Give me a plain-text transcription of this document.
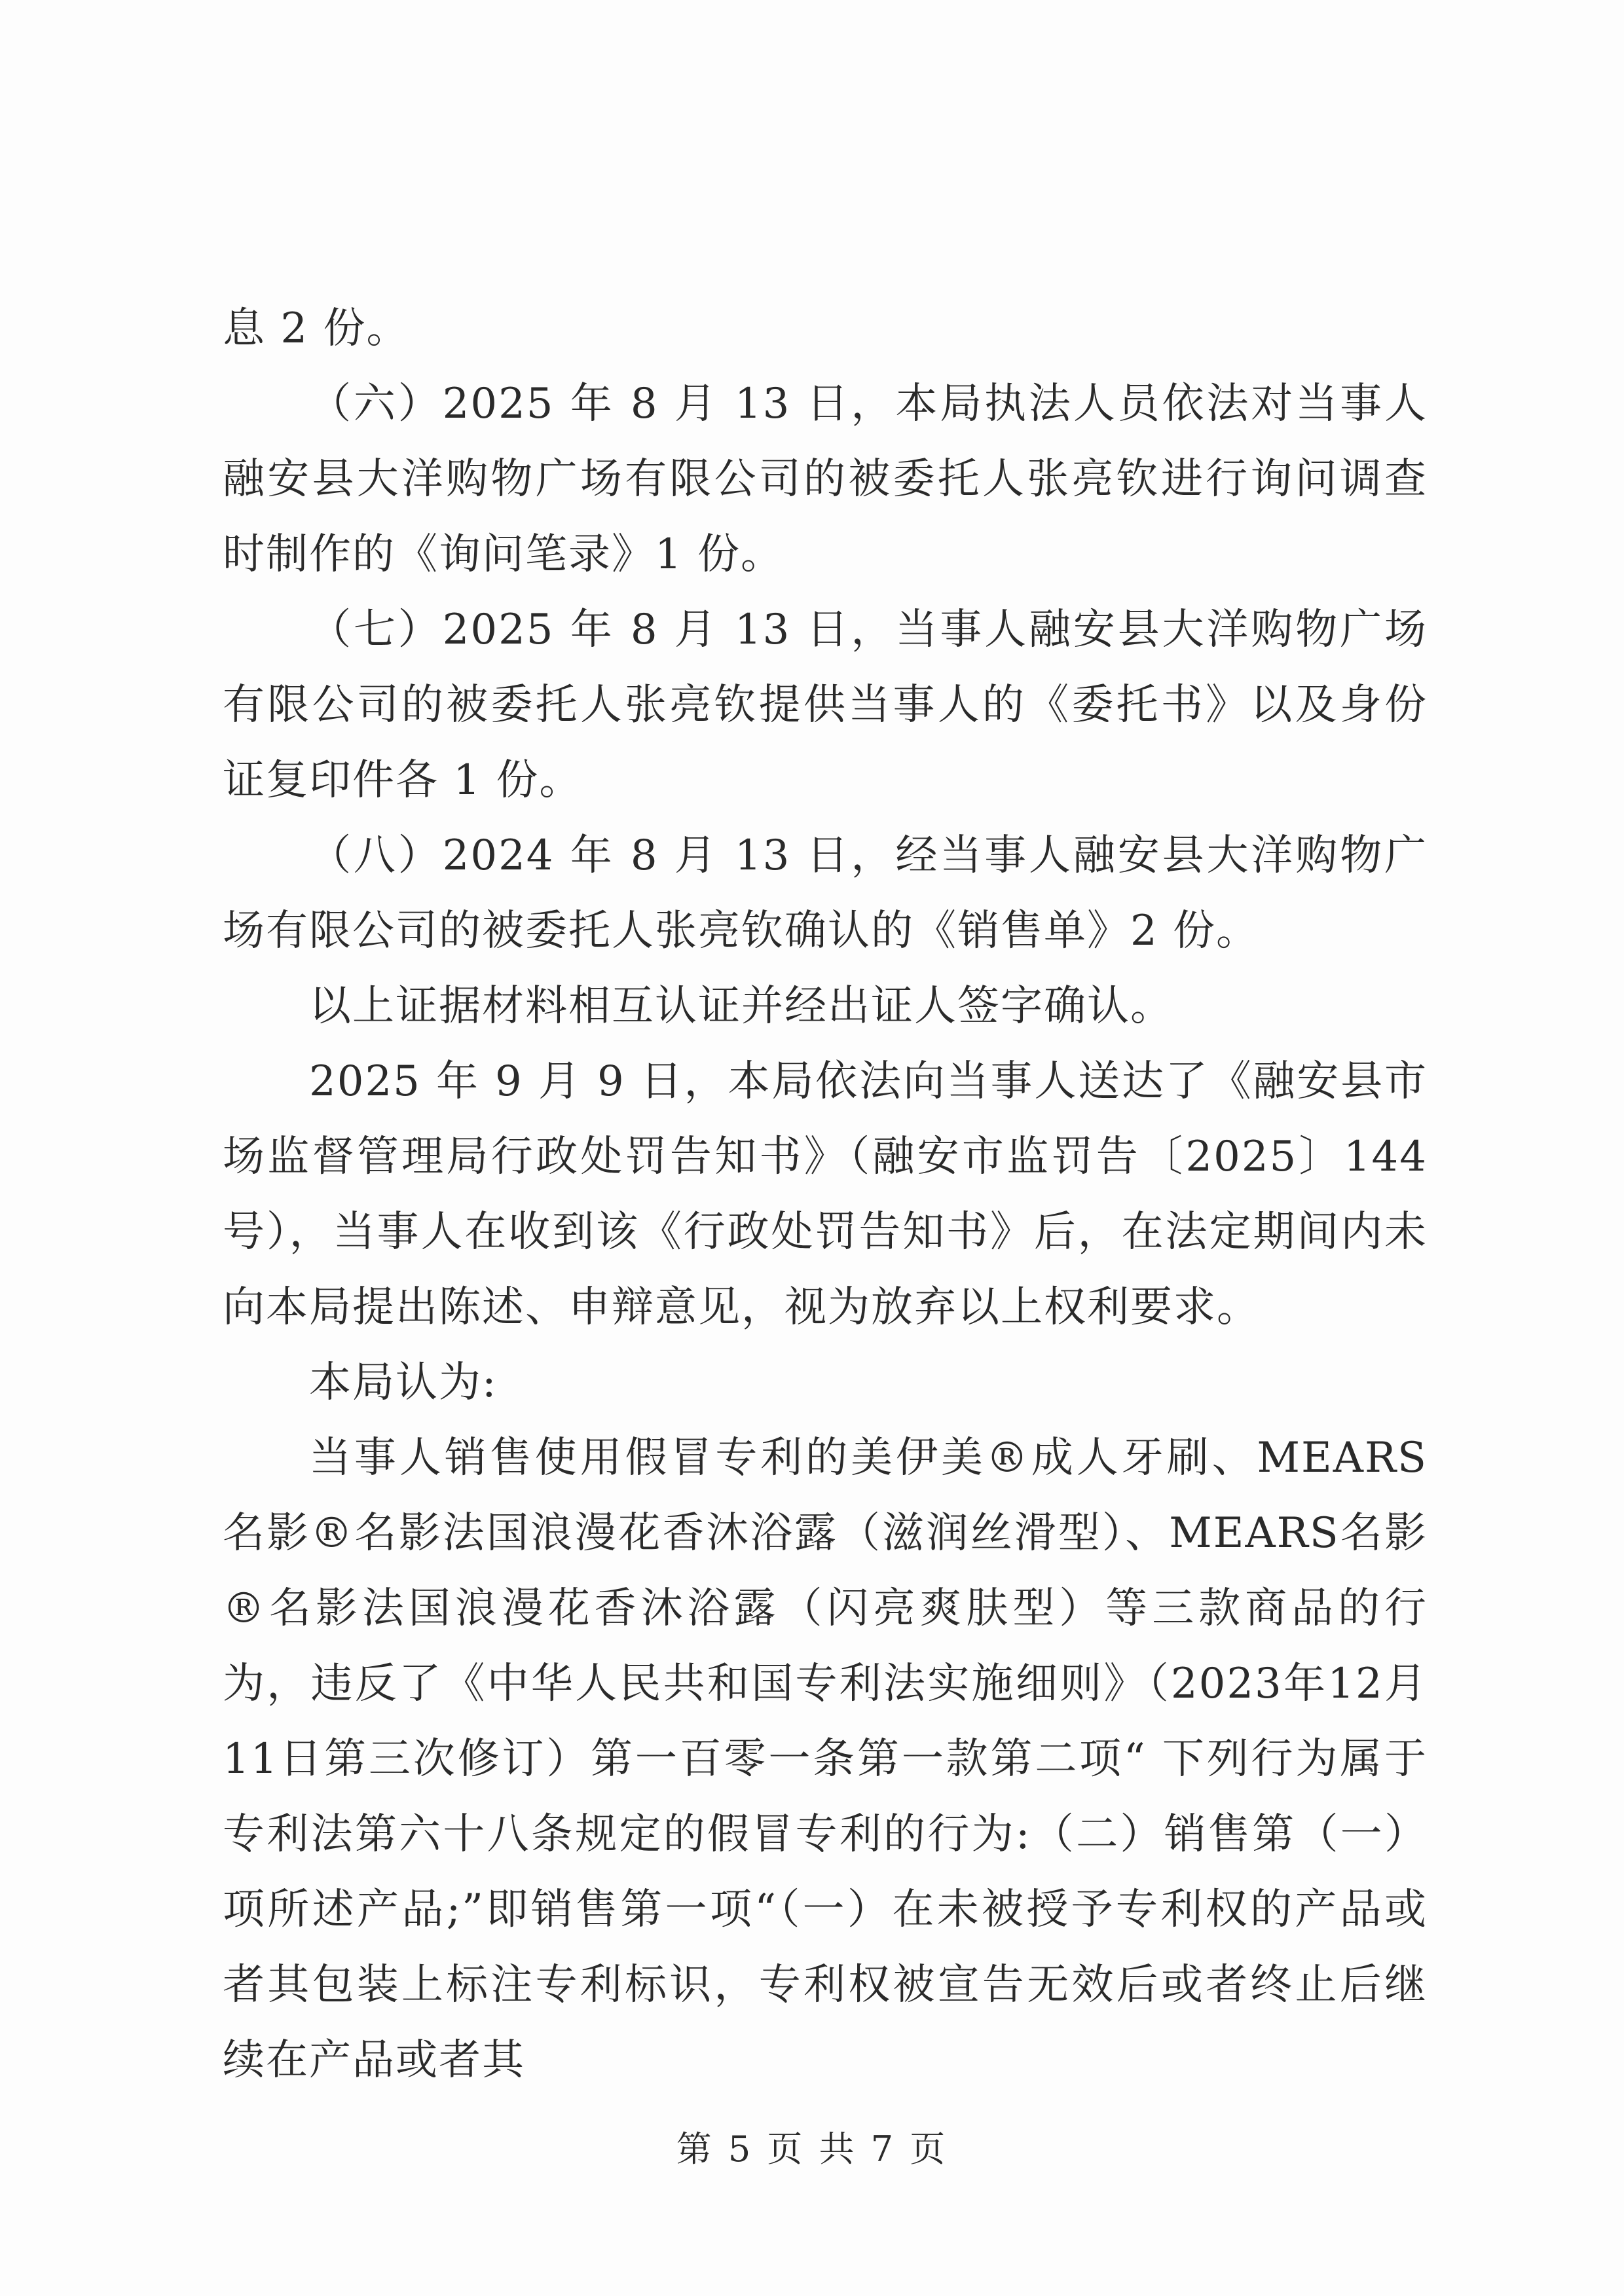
息 2 份。

（六）2025 年 8 月 13 日，本局执法人员依法对当事人融安县大洋购物广场有限公司的被委托人张亮钦进行询问调查时制作的《询问笔录》1 份。

（七）2025 年 8 月 13 日，当事人融安县大洋购物广场有限公司的被委托人张亮钦提供当事人的《委托书》以及身份证复印件各 1 份。

（八）2024 年 8 月 13 日，经当事人融安县大洋购物广场有限公司的被委托人张亮钦确认的《销售单》2 份。

以上证据材料相互认证并经出证人签字确认。

2025 年 9 月 9 日，本局依法向当事人送达了《融安县市场监督管理局行政处罚告知书》（融安市监罚告〔2025〕144 号），当事人在收到该《行政处罚告知书》后，在法定期间内未向本局提出陈述、申辩意见，视为放弃以上权利要求。

本局认为:

当事人销售使用假冒专利的美伊美®成人牙刷、MEARS名影®名影法国浪漫花香沐浴露（滋润丝滑型）、MEARS名影®名影法国浪漫花香沐浴露（闪亮爽肤型）等三款商品的行为，违反了《中华人民共和国专利法实施细则》（2023年12月11日第三次修订）第一百零一条第一款第二项“ 下列行为属于专利法第六十八条规定的假冒专利的行为:（二）销售第（一）项所述产品;”即销售第一项“（一）在未被授予专利权的产品或者其包装上标注专利标识，专利权被宣告无效后或者终止后继续在产品或者其

第 5 页 共 7 页
